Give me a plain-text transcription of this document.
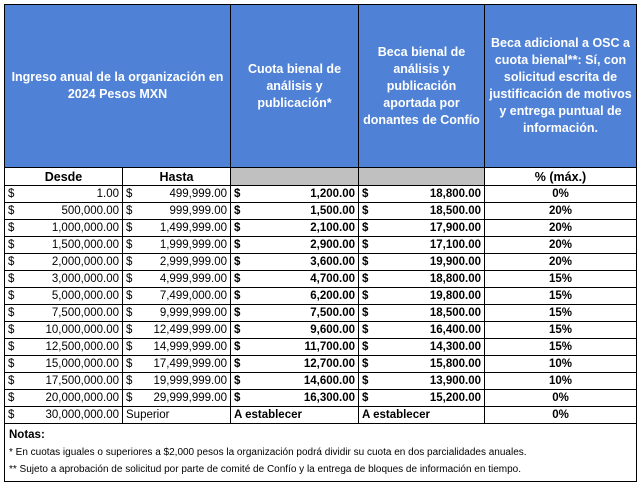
Ingreso anual de la organización en 2024 Pesos MXN		Cuota bienal de análisis y publicación*	Beca bienal de análisis y publicación aportada por donantes de Confío	Beca adicional a OSC a cuota bienal**: Sí, con solicitud escrita de justificación de motivos y entrega puntual de información.
Desde	Hasta			% (máx.)

$ 1.00	$ 499,999.00	$ 1,200.00	$ 18,800.00	0%

$ 500,000.00	$ 999,999.00	$ 1,500.00	$ 18,500.00	20%

$ 1,000,000.00	$ 1,499,999.00	$ 2,100.00	$ 17,900.00	20%

$ 1,500,000.00	$ 1,999,999.00	$ 2,900.00	$ 17,100.00	20%

$ 2,000,000.00	$ 2,999,999.00	$ 3,600.00	$ 19,900.00	20%

$ 3,000,000.00	$ 4,999,999.00	$ 4,700.00	$ 18,800.00	15%

$ 5,000,000.00	$ 7,499,000.00	$ 6,200.00	$ 19,800.00	15%

$ 7,500,000.00	$ 9,999,999.00	$ 7,500.00	$ 18,500.00	15%

$ 10,000,000.00	$ 12,499,999.00	$ 9,600.00	$ 16,400.00	15%

$ 12,500,000.00	$ 14,999,999.00	$ 11,700.00	$ 14,300.00	15%

$ 15,000,000.00	$ 17,499,999.00	$ 12,700.00	$ 15,800.00	10%

$ 17,500,000.00	$ 19,999,999.00	$ 14,600.00	$ 13,900.00	10%

$ 20,000,000.00	$ 29,999,999.00	$ 16,300.00	$ 15,200.00	0%

$ 30,000,000.00	Superior	A establecer	A establecer	0%

Notas:
* En cuotas iguales o superiores a $2,000 pesos la organización podrá dividir su cuota en dos parcialidades anuales.
** Sujeto a aprobación de solicitud por parte de comité de Confío y la entrega de bloques de información en tiempo.				
